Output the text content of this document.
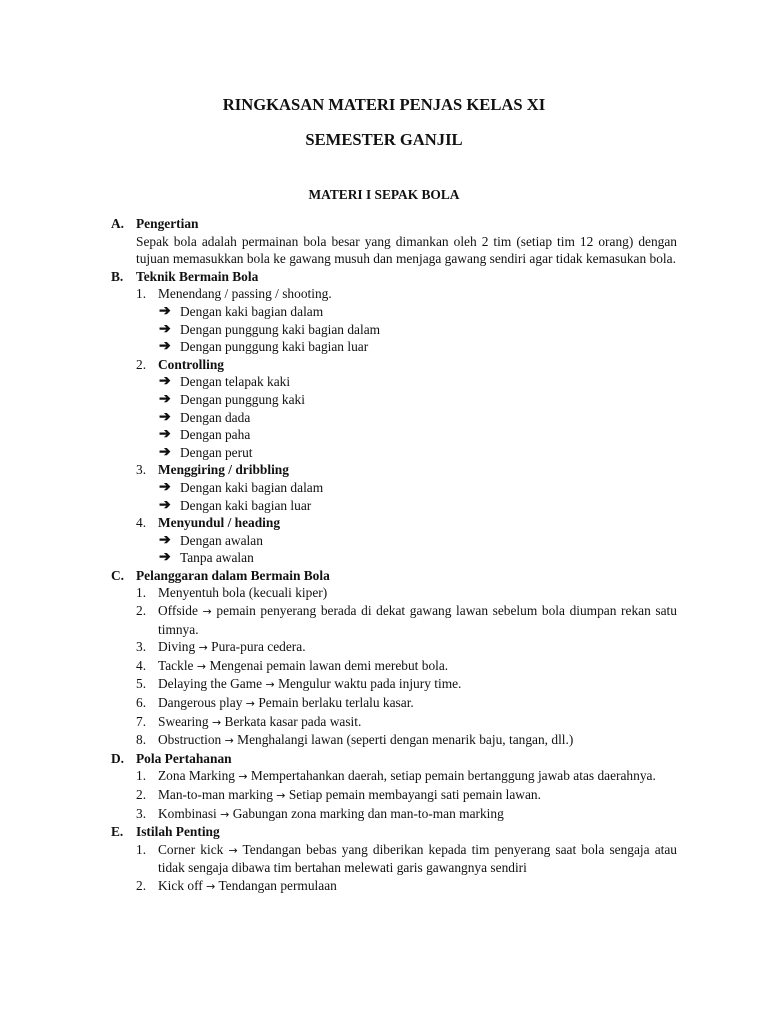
RINGKASAN MATERI PENJAS KELAS XI
SEMESTER GANJIL
MATERI I SEPAK BOLA
A. Pengertian
Sepak bola adalah permainan bola besar yang dimankan oleh 2 tim (setiap tim 12 orang) dengan tujuan memasukkan bola ke gawang musuh dan menjaga gawang sendiri agar tidak kemasukan bola.
B. Teknik Bermain Bola
1. Menendang / passing / shooting.
➔ Dengan kaki bagian dalam
➔ Dengan punggung kaki bagian dalam
➔ Dengan punggung kaki bagian luar
2. Controlling
➔ Dengan telapak kaki
➔ Dengan punggung kaki
➔ Dengan dada
➔ Dengan paha
➔ Dengan perut
3. Menggiring / dribbling
➔ Dengan kaki bagian dalam
➔ Dengan kaki bagian luar
4. Menyundul / heading
➔ Dengan awalan
➔ Tanpa awalan
C. Pelanggaran dalam Bermain Bola
1. Menyentuh bola (kecuali kiper)
2. Offside → pemain penyerang berada di dekat gawang lawan sebelum bola diumpan rekan satu timnya.
3. Diving → Pura-pura cedera.
4. Tackle → Mengenai pemain lawan demi merebut bola.
5. Delaying the Game → Mengulur waktu pada injury time.
6. Dangerous play → Pemain berlaku terlalu kasar.
7. Swearing → Berkata kasar pada wasit.
8. Obstruction → Menghalangi lawan (seperti dengan menarik baju, tangan, dll.)
D. Pola Pertahanan
1. Zona Marking → Mempertahankan daerah, setiap pemain bertanggung jawab atas daerahnya.
2. Man-to-man marking → Setiap pemain membayangi sati pemain lawan.
3. Kombinasi → Gabungan zona marking dan man-to-man marking
E. Istilah Penting
1. Corner kick → Tendangan bebas yang diberikan kepada tim penyerang saat bola sengaja atau tidak sengaja dibawa tim bertahan melewati garis gawangnya sendiri
2. Kick off → Tendangan permulaan
